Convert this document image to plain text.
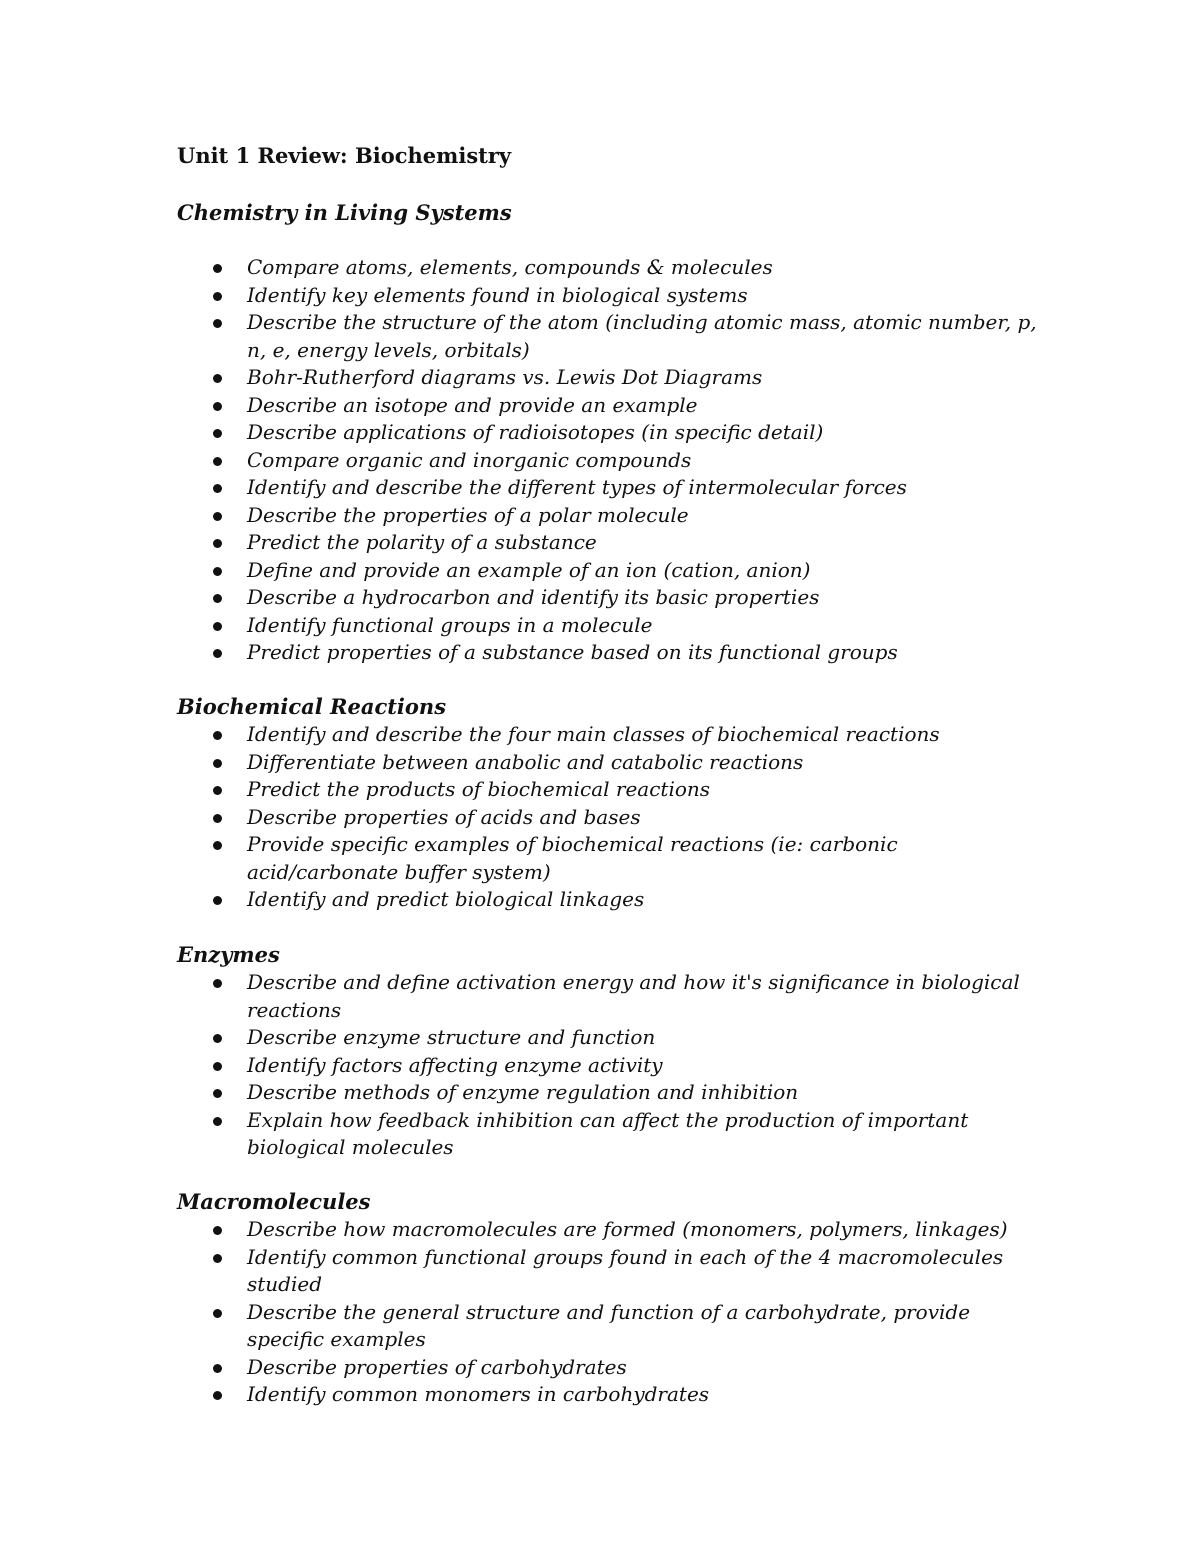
Unit 1 Review: Biochemistry
Chemistry in Living Systems
Compare atoms, elements, compounds & molecules
Identify key elements found in biological systems
Describe the structure of the atom (including atomic mass, atomic number, p, n, e, energy levels, orbitals)
Bohr-Rutherford diagrams vs. Lewis Dot Diagrams
Describe an isotope and provide an example
Describe applications of radioisotopes (in specific detail)
Compare organic and inorganic compounds
Identify and describe the different types of intermolecular forces
Describe the properties of a polar molecule
Predict the polarity of a substance
Define and provide an example of an ion (cation, anion)
Describe a hydrocarbon and identify its basic properties
Identify functional groups in a molecule
Predict properties of a substance based on its functional groups
Biochemical Reactions
Identify and describe the four main classes of biochemical reactions
Differentiate between anabolic and catabolic reactions
Predict the products of biochemical reactions
Describe properties of acids and bases
Provide specific examples of biochemical reactions (ie: carbonic acid/carbonate buffer system)
Identify and predict biological linkages
Enzymes
Describe and define activation energy and how it's significance in biological reactions
Describe enzyme structure and function
Identify factors affecting enzyme activity
Describe methods of enzyme regulation and inhibition
Explain how feedback inhibition can affect the production of important biological molecules
Macromolecules
Describe how macromolecules are formed (monomers, polymers, linkages)
Identify common functional groups found in each of the 4 macromolecules studied
Describe the general structure and function of a carbohydrate, provide specific examples
Describe properties of carbohydrates
Identify common monomers in carbohydrates
